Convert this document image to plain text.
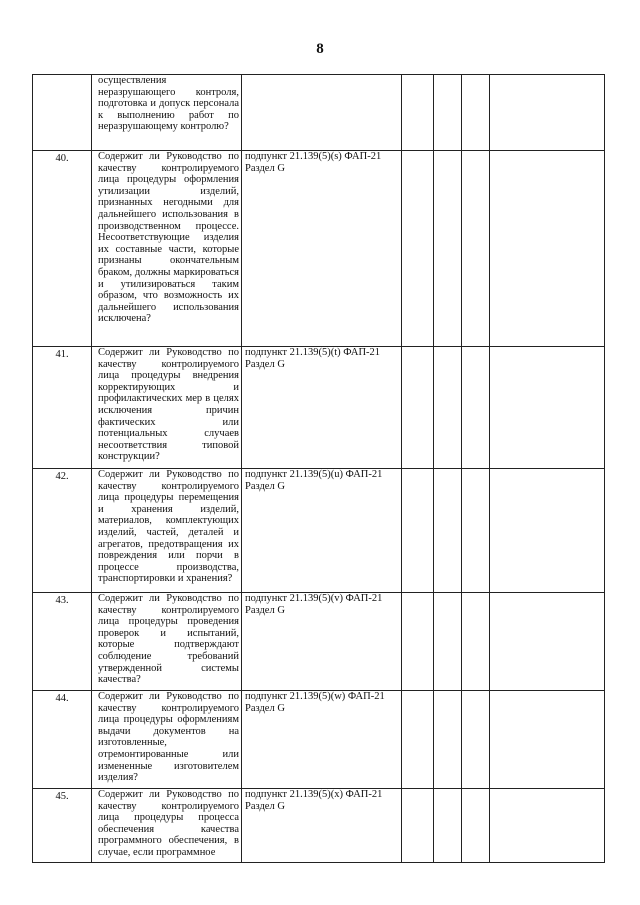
8

	осуществления неразрушающего контроля, подготовка и допуск персонала к выполнению работ по неразрушающему контролю?					

40.	Содержит ли Руководство по качеству контролируемого лица процедуры оформления утилизации изделий, признанных негодными для дальнейшего использования в производственном процессе. Несоответствующие изделия их составные части, которые признаны окончательным браком, должны маркироваться и утилизироваться таким образом, что возможность их дальнейшего использования исключена?	подпункт 21.139(5)(s) ФАП-21
Раздел G				

41.	Содержит ли Руководство по качеству контролируемого лица процедуры внедрения корректирующих и профилактических мер в целях исключения причин фактических или потенциальных случаев несоответствия типовой конструкции?	подпункт 21.139(5)(t) ФАП-21
Раздел G				

42.	Содержит ли Руководство по качеству контролируемого лица процедуры перемещения и хранения изделий, материалов, комплектующих изделий, частей, деталей и агрегатов, предотвращения их повреждения или порчи в процессе производства, транспортировки и хранения?	подпункт 21.139(5)(u) ФАП-21
Раздел G				

43.	Содержит ли Руководство по качеству контролируемого лица процедуры проведения проверок и испытаний, которые подтверждают соблюдение требований утвержденной системы качества?	подпункт 21.139(5)(v) ФАП-21
Раздел G				

44.	Содержит ли Руководство по качеству контролируемого лица процедуры оформлениям выдачи документов на изготовленные, отремонтированные или измененные изготовителем изделия?	подпункт 21.139(5)(w) ФАП-21
Раздел G				

45.	Содержит ли Руководство по качеству контролируемого лица процедуры процесса обеспечения качества программного обеспечения, в случае, если программное	подпункт 21.139(5)(x) ФАП-21
Раздел G				
